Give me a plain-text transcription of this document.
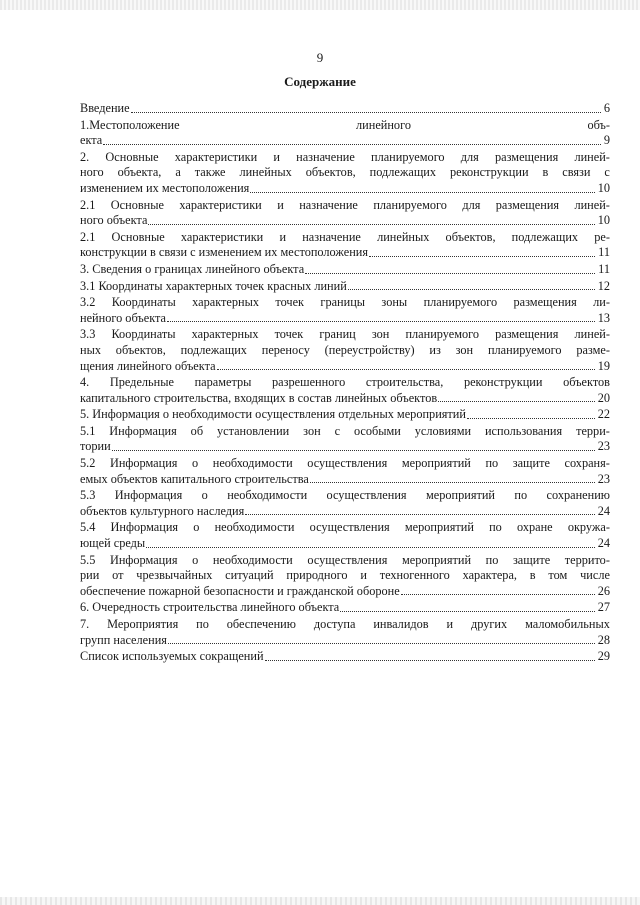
9
Содержание
Введение	6
1.Местоположение	линейного	объ-
екта	9
2. Основные характеристики и назначение планируемого для размещения линей-
ного объекта, а также линейных объектов, подлежащих реконструкции в связи с
изменением их местоположения	10
2.1 Основные характеристики и назначение планируемого для размещения линей-
ного объекта	10
2.1 Основные характеристики и назначение линейных объектов, подлежащих ре-
конструкции в связи с изменением их местоположения	11
3. Сведения о границах линейного объекта	11
3.1 Координаты характерных точек красных линий	12
3.2 Координаты характерных точек границы зоны планируемого размещения ли-
нейного объекта	13
3.3 Координаты характерных точек границ зон планируемого размещения линей-
ных объектов, подлежащих переносу (переустройству) из зон планируемого разме-
щения линейного объекта	19
4. Предельные параметры разрешенного строительства, реконструкции объектов
капитального строительства, входящих в состав линейных объектов	20
5. Информация о необходимости осуществления отдельных мероприятий	22
5.1 Информация об установлении зон с особыми условиями использования терри-
тории	23
5.2 Информация о необходимости осуществления мероприятий по защите сохраня-
емых объектов капитального строительства	23
5.3 Информация о необходимости осуществления мероприятий по сохранению
объектов культурного наследия	24
5.4 Информация о необходимости осуществления мероприятий по охране окружа-
ющей среды	24
5.5 Информация о необходимости осуществления мероприятий по защите террито-
рии от чрезвычайных ситуаций природного и техногенного характера, в том числе
обеспечение пожарной безопасности и гражданской обороне	26
6. Очередность строительства линейного объекта	27
7. Мероприятия по обеспечению доступа инвалидов и других маломобильных
групп населения	28
Список используемых сокращений	29
